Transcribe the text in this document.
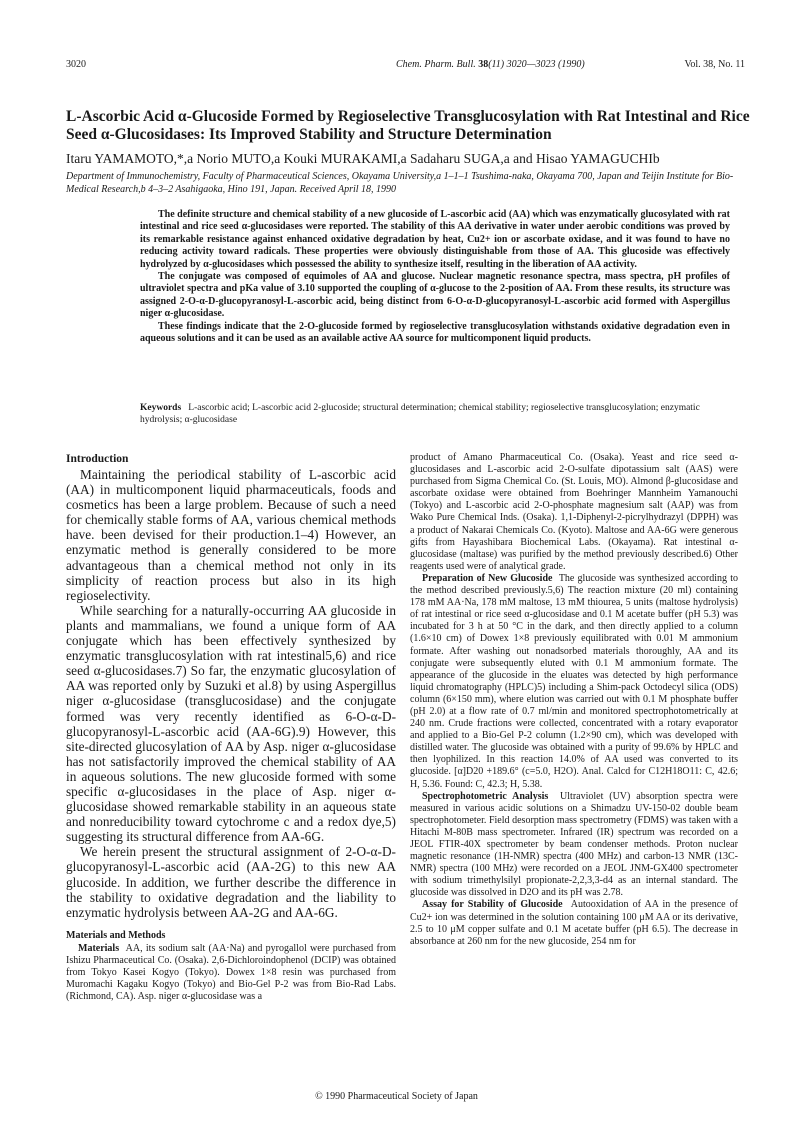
3020	Chem. Pharm. Bull. 38(11) 3020—3023 (1990)	Vol. 38, No. 11
L-Ascorbic Acid α-Glucoside Formed by Regioselective Transglucosylation with Rat Intestinal and Rice Seed α-Glucosidases: Its Improved Stability and Structure Determination
Itaru YAMAMOTO,*,a Norio MUTO,a Kouki MURAKAMI,a Sadaharu SUGA,a and Hisao YAMAGUCHIb
Department of Immunochemistry, Faculty of Pharmaceutical Sciences, Okayama University,a 1–1–1 Tsushima-naka, Okayama 700, Japan and Teijin Institute for Bio-Medical Research,b 4–3–2 Asahigaoka, Hino 191, Japan. Received April 18, 1990

The definite structure and chemical stability of a new glucoside of L-ascorbic acid (AA) which was enzymatically glucosylated with rat intestinal and rice seed α-glucosidases were reported. The stability of this AA derivative in water under aerobic conditions was proved by its remarkable resistance against enhanced oxidative degradation by heat, Cu2+ ion or ascorbate oxidase, and it was found to have no reducing activity toward radicals. These properties were obviously distinguishable from those of AA. This glucoside was effectively hydrolyzed by α-glucosidases which possessed the ability to synthesize itself, resulting in the liberation of AA activity.

The conjugate was composed of equimoles of AA and glucose. Nuclear magnetic resonance spectra, mass spectra, pH profiles of ultraviolet spectra and pKa value of 3.10 supported the coupling of α-glucose to the 2-position of AA. From these results, its structure was assigned 2-O-α-D-glucopyranosyl-L-ascorbic acid, being distinct from 6-O-α-D-glucopyranosyl-L-ascorbic acid formed with Aspergillus niger α-glucosidase.

These findings indicate that the 2-O-glucoside formed by regioselective transglucosylation withstands oxidative degradation even in aqueous solutions and it can be used as an available active AA source for multicomponent liquid products.

Keywords L-ascorbic acid; L-ascorbic acid 2-glucoside; structural determination; chemical stability; regioselective transglucosylation; enzymatic hydrolysis; α-glucosidase
Introduction

Maintaining the periodical stability of L-ascorbic acid (AA) in multicomponent liquid pharmaceuticals, foods and cosmetics has been a large problem. Because of such a need for chemically stable forms of AA, various chemical methods have. been devised for their production.1–4) However, an enzymatic method is generally considered to be more advantageous than a chemical method not only in its simplicity of reaction process but also in its high regioselectivity.

While searching for a naturally-occurring AA glucoside in plants and mammalians, we found a unique form of AA conjugate which has been effectively synthesized by enzymatic transglucosylation with rat intestinal5,6) and rice seed α-glucosidases.7) So far, the enzymatic glucosylation of AA was reported only by Suzuki et al.8) by using Aspergillus niger α-glucosidase (transglucosidase) and the conjugate formed was very recently identified as 6-O-α-D-glucopyranosyl-L-ascorbic acid (AA-6G).9) However, this site-directed glucosylation of AA by Asp. niger α-glucosidase has not satisfactorily improved the chemical stability of AA in aqueous solutions. The new glucoside formed with some specific α-glucosidases in the place of Asp. niger α-glucosidase showed remarkable stability in an aqueous state and nonreducibility toward cytochrome c and a redox dye,5) suggesting its structural difference from AA-6G.

We herein present the structural assignment of 2-O-α-D-glucopyranosyl-L-ascorbic acid (AA-2G) to this new AA glucoside. In addition, we further describe the difference in the stability to oxidative degradation and the liability to enzymatic hydrolysis between AA-2G and AA-6G.

Materials and Methods

Materials AA, its sodium salt (AA·Na) and pyrogallol were purchased from Ishizu Pharmaceutical Co. (Osaka). 2,6-Dichloroindophenol (DCIP) was obtained from Tokyo Kasei Kogyo (Tokyo). Dowex 1×8 resin was purchased from Muromachi Kagaku Kogyo (Tokyo) and Bio-Gel P-2 was from Bio-Rad Labs. (Richmond, CA). Asp. niger α-glucosidase was a

product of Amano Pharmaceutical Co. (Osaka). Yeast and rice seed α-glucosidases and L-ascorbic acid 2-O-sulfate dipotassium salt (AAS) were purchased from Sigma Chemical Co. (St. Louis, MO). Almond β-glucosidase and ascorbate oxidase were obtained from Boehringer Mannheim Yamanouchi (Tokyo) and L-ascorbic acid 2-O-phosphate magnesium salt (AAP) was from Wako Pure Chemical Inds. (Osaka). 1,1-Diphenyl-2-picrylhydrazyl (DPPH) was a product of Nakarai Chemicals Co. (Kyoto). Maltose and AA-6G were generous gifts from Hayashibara Biochemical Labs. (Okayama). Rat intestinal α-glucosidase (maltase) was purified by the method previously described.6) Other reagents used were of analytical grade.

Preparation of New Glucoside The glucoside was synthesized according to the method described previously.5,6) The reaction mixture (20 ml) containing 178 mM AA·Na, 178 mM maltose, 13 mM thiourea, 5 units (maltose hydrolysis) of rat intestinal or rice seed α-glucosidase and 0.1 M acetate buffer (pH 5.3) was incubated for 3 h at 50 °C in the dark, and then directly applied to a column (1.6×10 cm) of Dowex 1×8 previously equilibrated with 0.01 M ammonium formate. After washing out nonadsorbed materials thoroughly, AA and its conjugate were subsequently eluted with 0.1 M ammonium formate. The appearance of the glucoside in the eluates was detected by high performance liquid chromatography (HPLC)5) including a Shim-pack Octodecyl silica (ODS) column (6×150 mm), where elution was carried out with 0.1 M phosphate buffer (pH 2.0) at a flow rate of 0.7 ml/min and monitored spectrophotometrically at 240 nm. Crude fractions were collected, concentrated with a rotary evaporator and applied to a Bio-Gel P-2 column (1.2×90 cm), which was developed with distilled water. The glucoside was obtained with a purity of 99.6% by HPLC and then lyophilized. In this reaction 14.0% of AA used was converted to its glucoside. [α]D20 +189.6° (c=5.0, H2O). Anal. Calcd for C12H18O11: C, 42.6; H, 5.36. Found: C, 42.3; H, 5.38.

Spectrophotometric Analysis Ultraviolet (UV) absorption spectra were measured in various acidic solutions on a Shimadzu UV-150-02 double beam spectrophotometer. Field desorption mass spectrometry (FDMS) was taken with a Hitachi M-80B mass spectrometer. Infrared (IR) spectrum was recorded on a JEOL FTIR-40X spectrometer by beam condenser methods. Proton nuclear magnetic resonance (1H-NMR) spectra (400 MHz) and carbon-13 NMR (13C-NMR) spectra (100 MHz) were recorded on a JEOL JNM-GX400 spectrometer with sodium trimethylsilyl propionate-2,2,3,3-d4 as an internal standard. The glucoside was dissolved in D2O and its pH was 2.78.

Assay for Stability of Glucoside Autooxidation of AA in the presence of Cu2+ ion was determined in the solution containing 100 μM AA or its derivative, 2.5 to 10 μM copper sulfate and 0.1 M acetate buffer (pH 6.5). The decrease in absorbance at 260 nm for the new glucoside, 254 nm for

© 1990 Pharmaceutical Society of Japan
